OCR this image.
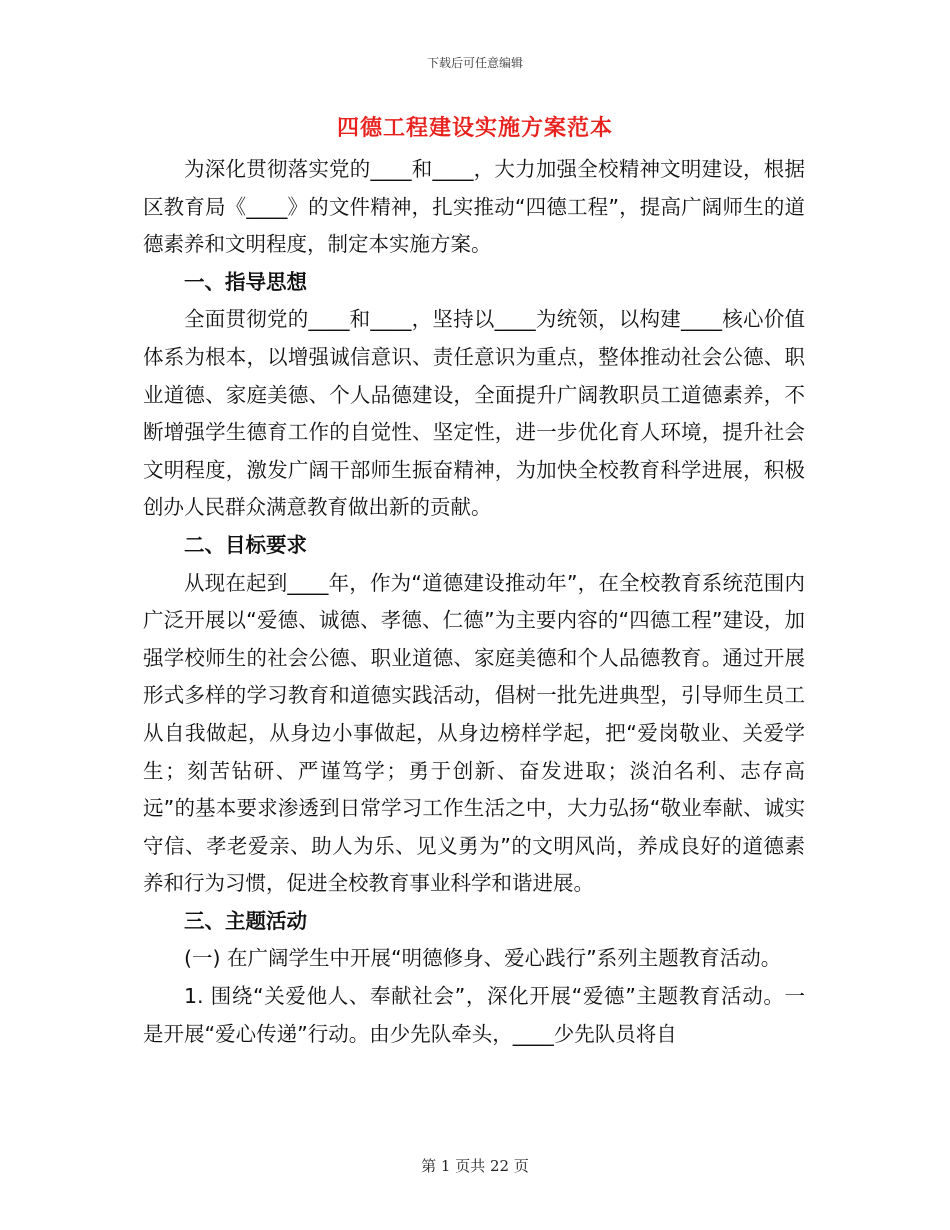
下载后可任意编辑
四德工程建设实施方案范本

为深化贯彻落实党的____和____，大力加强全校精神文明建设，根据区教育局《____》的文件精神，扎实推动“四德工程”，提高广阔师生的道德素养和文明程度，制定本实施方案。

一、指导思想

全面贯彻党的____和____，坚持以____为统领，以构建____核心价值体系为根本，以增强诚信意识、责任意识为重点，整体推动社会公德、职业道德、家庭美德、个人品德建设，全面提升广阔教职员工道德素养，不断增强学生德育工作的自觉性、坚定性，进一步优化育人环境，提升社会文明程度，激发广阔干部师生振奋精神，为加快全校教育科学进展，积极创办人民群众满意教育做出新的贡献。

二、目标要求

从现在起到____年，作为“道德建设推动年”，在全校教育系统范围内广泛开展以“爱德、诚德、孝德、仁德”为主要内容的“四德工程”建设，加强学校师生的社会公德、职业道德、家庭美德和个人品德教育。通过开展形式多样的学习教育和道德实践活动，倡树一批先进典型，引导师生员工从自我做起，从身边小事做起，从身边榜样学起，把“爱岗敬业、关爱学生；刻苦钻研、严谨笃学；勇于创新、奋发进取；淡泊名利、志存高远”的基本要求渗透到日常学习工作生活之中，大力弘扬“敬业奉献、诚实守信、孝老爱亲、助人为乐、见义勇为”的文明风尚，养成良好的道德素养和行为习惯，促进全校教育事业科学和谐进展。

三、主题活动

(一) 在广阔学生中开展“明德修身、爱心践行”系列主题教育活动。

1. 围绕“关爱他人、奉献社会”，深化开展“爱德”主题教育活动。一是开展“爱心传递”行动。由少先队牵头，____少先队员将自

第 1 页共 22 页
